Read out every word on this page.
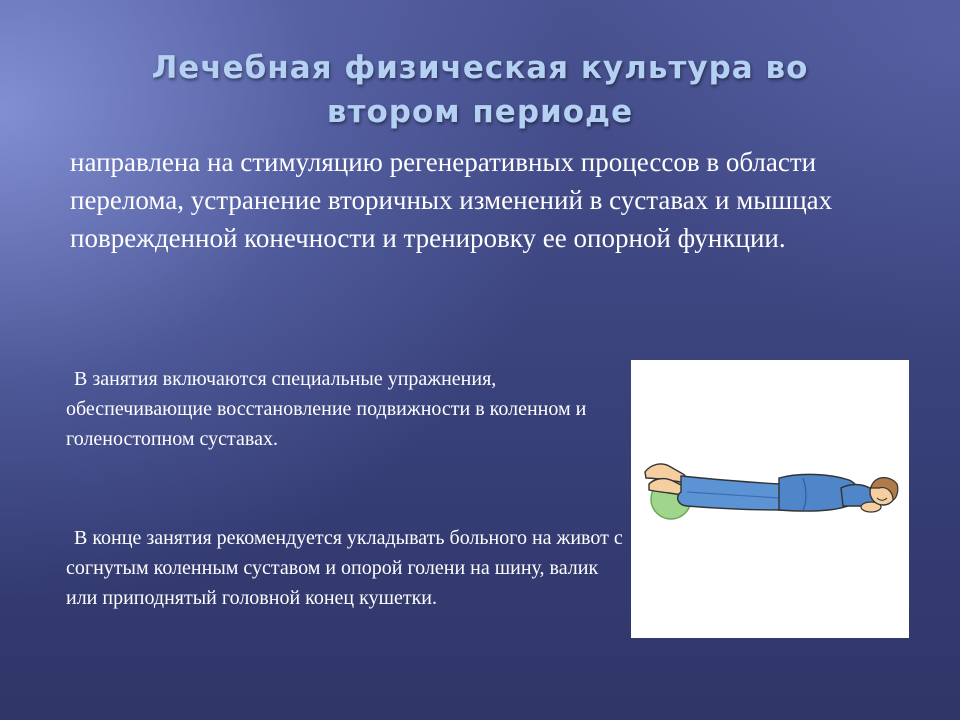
Лечебная физическая культура во
втором периоде

направлена на стимуляцию регенеративных процессов в области перелома, устранение вторичных изменений в суставах и мышцах поврежденной конечности и тренировку ее опорной функции.

В занятия включаются специальные упражнения, обеспечивающие восстановление подвижности в коленном и голеностопном суставах.

В конце занятия рекомендуется укладывать больного на живот с согнутым коленным суставом и опорой голени на шину, валик или приподнятый головной конец кушетки.
